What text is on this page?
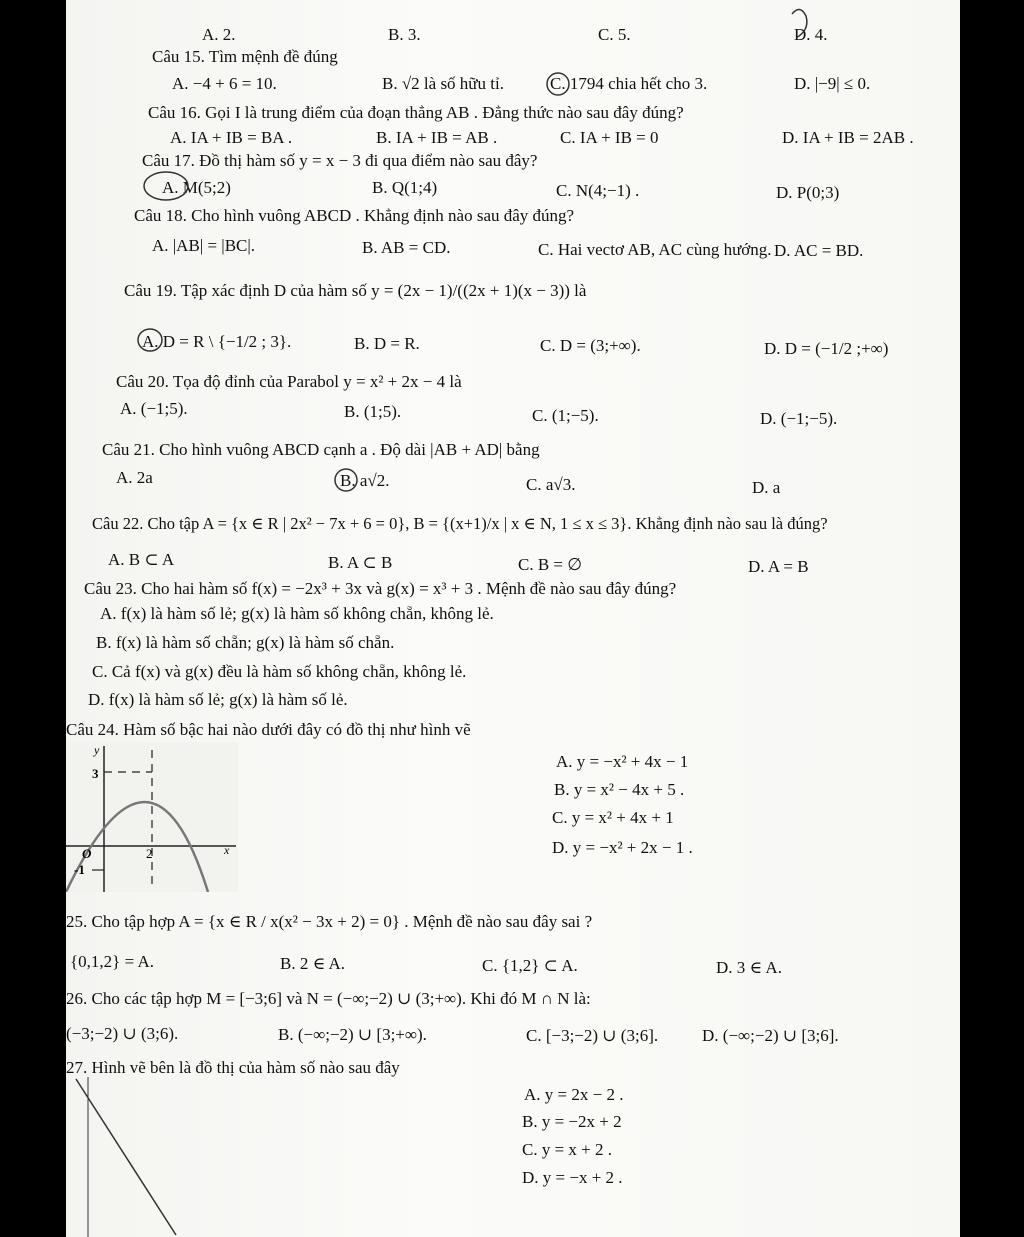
A. 2.	B. 3.	C. 5.	D. 4.
Câu 15. Tìm mệnh đề đúng
A. −4 + 6 = 10.	B. √2 là số hữu tỉ.	C. 1794 chia hết cho 3.	D. |−9| ≤ 0.
Câu 16. Gọi I là trung điểm của đoạn thẳng AB . Đẳng thức nào sau đây đúng?
A. IA + IB = BA .	B. IA + IB = AB .	C. IA + IB = 0	D. IA + IB = 2AB .
Câu 17. Đồ thị hàm số y = x − 3 đi qua điểm nào sau đây?
A. M(5;2)	B. Q(1;4)	C. N(4;−1) .	D. P(0;3)
Câu 18. Cho hình vuông ABCD . Khẳng định nào sau đây đúng?
A. |AB| = |BC|.	B. AB = CD.	C. Hai vectơ AB, AC cùng hướng. D. AC = BD.
Câu 19. Tập xác định D của hàm số y = (2x − 1)/((2x + 1)(x − 3)) là
A. D = R \ {−1/2 ; 3}.	B. D = R.	C. D = (3;+∞).	D. D = (−1/2 ;+∞)
Câu 20. Tọa độ đỉnh của Parabol y = x² + 2x − 4 là
A. (−1;5).	B. (1;5).	C. (1;−5).	D. (−1;−5).
Câu 21. Cho hình vuông ABCD cạnh a . Độ dài |AB + AD| bằng
A. 2a	B. a√2.	C. a√3.	D. a
Câu 22. Cho tập A = {x ∈ R | 2x² − 7x + 6 = 0}, B = {(x+1)/x | x ∈ N, 1 ≤ x ≤ 3}. Khẳng định nào sau là đúng?
A. B ⊂ A	B. A ⊂ B	C. B = ∅	D. A = B
Câu 23. Cho hai hàm số f(x) = −2x³ + 3x và g(x) = x³ + 3 . Mệnh đề nào sau đây đúng?
A. f(x) là hàm số lẻ; g(x) là hàm số không chẵn, không lẻ.
B. f(x) là hàm số chẵn; g(x) là hàm số chẵn.
C. Cả f(x) và g(x) đều là hàm số không chẵn, không lẻ.
D. f(x) là hàm số lẻ; g(x) là hàm số lẻ.
Câu 24. Hàm số bậc hai nào dưới đây có đồ thị như hình vẽ
A. y = −x² + 4x − 1
B. y = x² − 4x + 5 .
C. y = x² + 4x + 1
D. y = −x² + 2x − 1 .
y
x
O
3
2
-1
25. Cho tập hợp A = {x ∈ R / x(x² − 3x + 2) = 0} . Mệnh đề nào sau đây sai ?
{0,1,2} = A.	B. 2 ∈ A.	C. {1,2} ⊂ A.	D. 3 ∈ A.
26. Cho các tập hợp M = [−3;6] và N = (−∞;−2) ∪ (3;+∞). Khi đó M ∩ N là:
(−3;−2) ∪ (3;6).	B. (−∞;−2) ∪ [3;+∞).	C. [−3;−2) ∪ (3;6].	D. (−∞;−2) ∪ [3;6].
27. Hình vẽ bên là đồ thị của hàm số nào sau đây
A. y = 2x − 2 .
B. y = −2x + 2
C. y = x + 2 .
D. y = −x + 2 .
